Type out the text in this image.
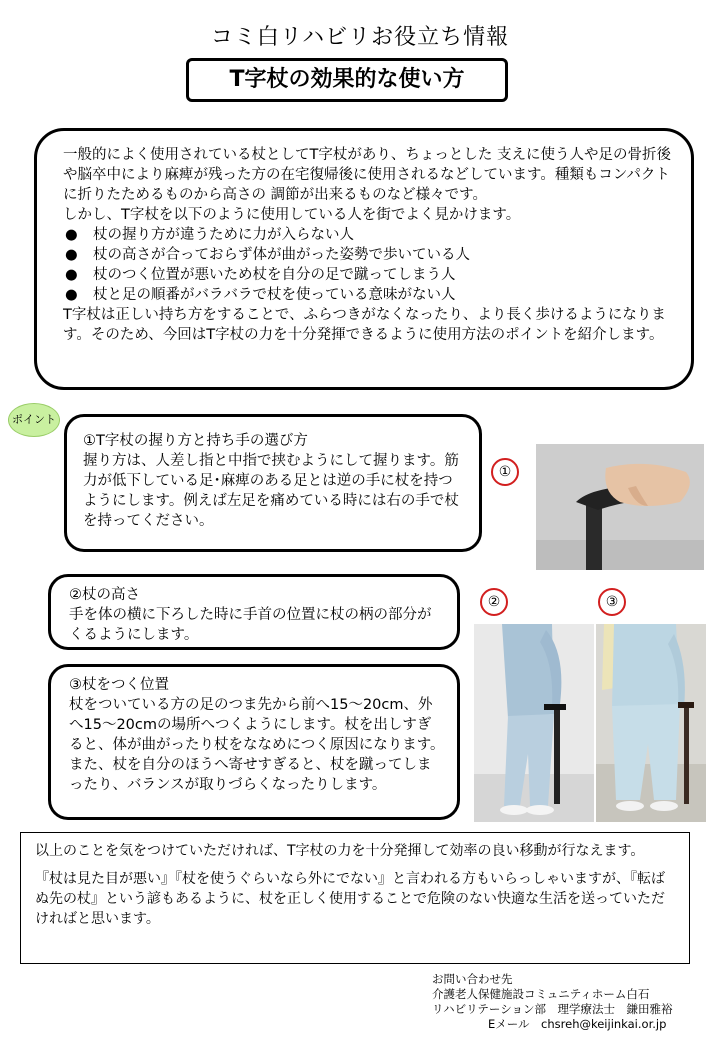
コミ白リハビリお役立ち情報
T字杖の効果的な使い方

一般的によく使用されている杖としてT字杖があり、ちょっとした 支えに使う人や足の骨折後や脳卒中により麻痺が残った方の在宅復帰後に使用されるなどしています。種類もコンパクトに折りたためるものから高さの 調節が出来るものなど様々です。

しかし、T字杖を以下のように使用している人を街でよく見かけます。

● 杖の握り方が違うために力が入らない人
● 杖の高さが合っておらず体が曲がった姿勢で歩いている人
● 杖のつく位置が悪いため杖を自分の足で蹴ってしまう人
● 杖と足の順番がバラバラで杖を使っている意味がない人

T字杖は正しい持ち方をすることで、ふらつきがなくなったり、より長く歩けるようになります。そのため、今回はT字杖の力を十分発揮できるように使用方法のポイントを紹介します。

ポイント

①T字杖の握り方と持ち手の選び方

握り方は、人差し指と中指で挟むようにして握ります。筋力が低下している足･麻痺のある足とは逆の手に杖を持つようにします。例えば左足を痛めている時には右の手で杖を持ってください。

②杖の高さ

手を体の横に下ろした時に手首の位置に杖の柄の部分がくるようにします。

③杖をつく位置

杖をついている方の足のつま先から前へ15～20cm、外へ15～20cmの場所へつくようにします。杖を出しすぎると、体が曲がったり杖をななめにつく原因になります。また、杖を自分のほうへ寄せすぎると、杖を蹴ってしまったり、バランスが取りづらくなったりします。

①
②	③

以上のことを気をつけていただければ、T字杖の力を十分発揮して効率の良い移動が行なえます。

『杖は見た目が悪い』『杖を使うぐらいなら外にでない』と言われる方もいらっしゃいますが、『転ばぬ先の杖』という諺もあるように、杖を正しく使用することで危険のない快適な生活を送っていただければと思います。

お問い合わせ先
介護老人保健施設コミュニティホーム白石
リハビリテーション部　理学療法士　鎌田雅裕
Eメール　chsreh@keijinkai.or.jp
